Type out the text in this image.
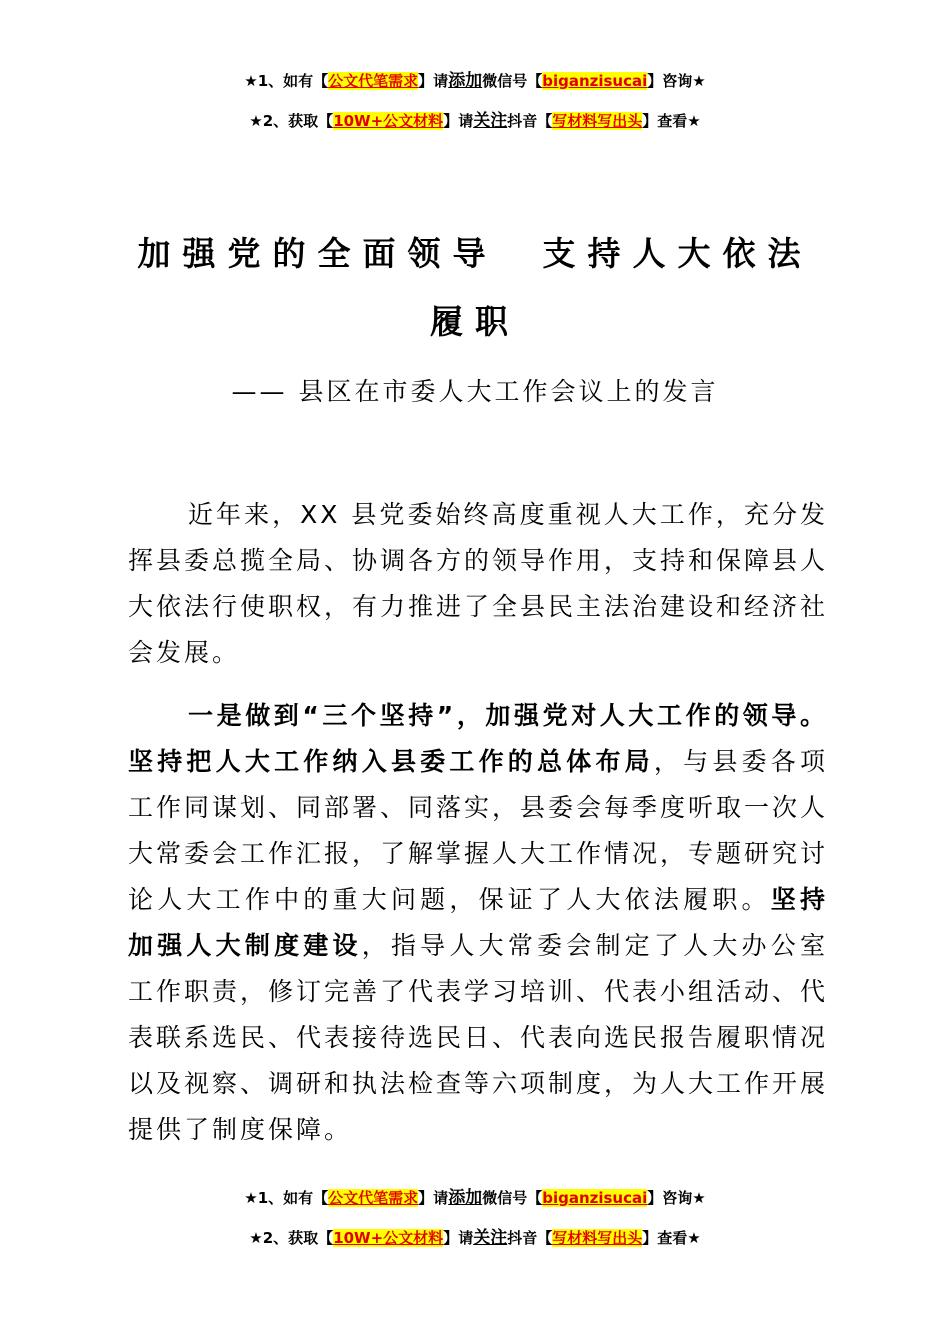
★1、如有【公文代笔需求】请添加微信号【biganzisucai】咨询★
★2、获取【10W+公文材料】请关注抖音【写材料写出头】查看★
加强党的全面领导　支持人大依法
履职
—— 县区在市委人大工作会议上的发言
近年来，XX 县党委始终高度重视人大工作，充分发挥县委总揽全局、协调各方的领导作用，支持和保障县人大依法行使职权，有力推进了全县民主法治建设和经济社会发展。
一是做到“三个坚持”，加强党对人大工作的领导。坚持把人大工作纳入县委工作的总体布局，与县委各项工作同谋划、同部署、同落实，县委会每季度听取一次人大常委会工作汇报，了解掌握人大工作情况，专题研究讨论人大工作中的重大问题，保证了人大依法履职。坚持加强人大制度建设，指导人大常委会制定了人大办公室工作职责，修订完善了代表学习培训、代表小组活动、代表联系选民、代表接待选民日、代表向选民报告履职情况以及视察、调研和执法检查等六项制度，为人大工作开展提供了制度保障。
★1、如有【公文代笔需求】请添加微信号【biganzisucai】咨询★
★2、获取【10W+公文材料】请关注抖音【写材料写出头】查看★
